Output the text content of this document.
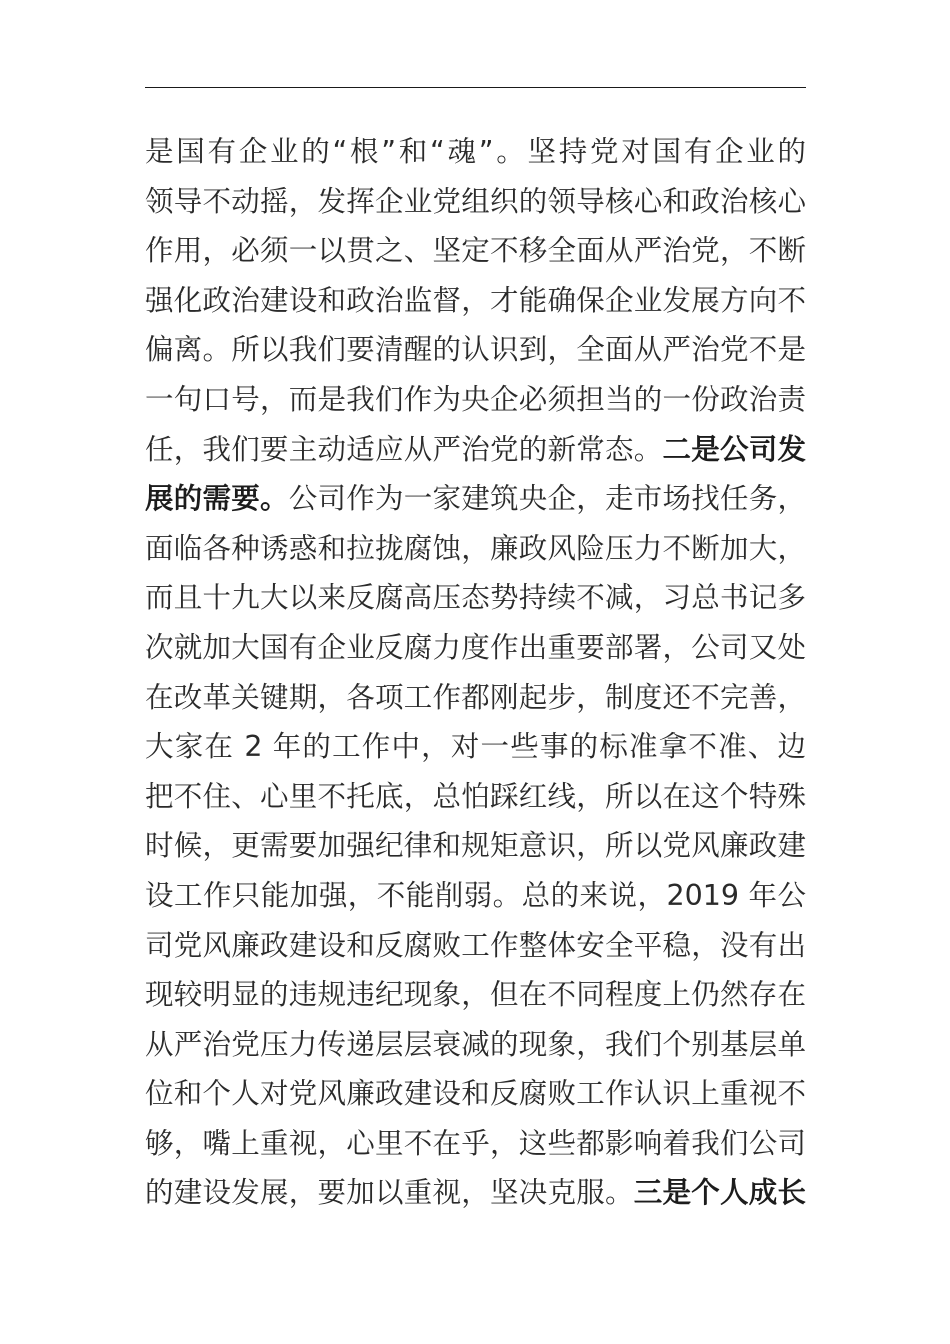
是国有企业的“根”和“魂”。坚持党对国有企业的
领导不动摇，发挥企业党组织的领导核心和政治核心
作用，必须一以贯之、坚定不移全面从严治党，不断
强化政治建设和政治监督，才能确保企业发展方向不
偏离。所以我们要清醒的认识到，全面从严治党不是
一句口号，而是我们作为央企必须担当的一份政治责
任，我们要主动适应从严治党的新常态。二是公司发
展的需要。公司作为一家建筑央企，走市场找任务，
面临各种诱惑和拉拢腐蚀，廉政风险压力不断加大，
而且十九大以来反腐高压态势持续不减，习总书记多
次就加大国有企业反腐力度作出重要部署，公司又处
在改革关键期，各项工作都刚起步，制度还不完善，
大家在 2 年的工作中，对一些事的标准拿不准、边
把不住、心里不托底，总怕踩红线，所以在这个特殊
时候，更需要加强纪律和规矩意识，所以党风廉政建
设工作只能加强，不能削弱。总的来说，2019 年公
司党风廉政建设和反腐败工作整体安全平稳，没有出
现较明显的违规违纪现象，但在不同程度上仍然存在
从严治党压力传递层层衰减的现象，我们个别基层单
位和个人对党风廉政建设和反腐败工作认识上重视不
够，嘴上重视，心里不在乎，这些都影响着我们公司
的建设发展，要加以重视，坚决克服。三是个人成长
